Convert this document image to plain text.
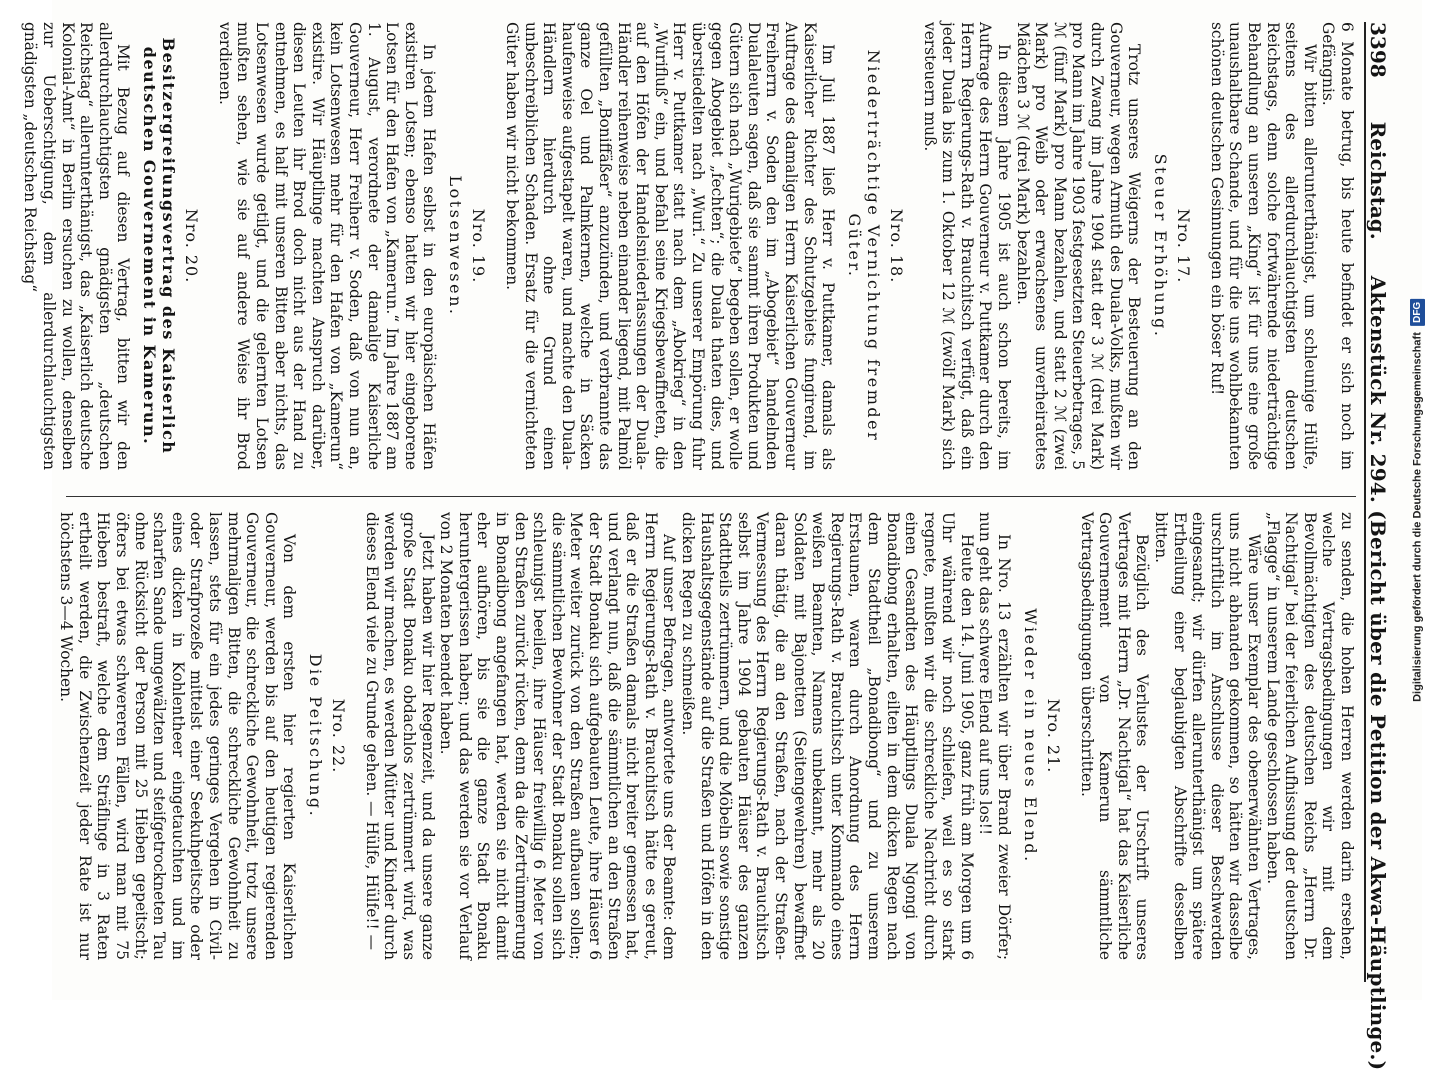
3398
Reichstag.
Aktenstück Nr. 294. (Bericht über die Petition der Akwa-Häuptlinge.)

6 Monate betrug, bis heute befindet er sich noch im Gefängnis.

Wir bitten allerunterthänigst, um schleunige Hülfe, seitens des allerdurchlauchtigsten deutschen Reichstags, denn solche fortwährende niederträchtige Behandlung an unseren „King“ ist für uns eine große unaushaltbare Schande, und für die uns wohlbekannten schönen deutschen Gesinnungen ein böser Ruf!

Nro. 17.
Steuer Erhöhung.

Trotz unseres Weigerns der Besteuerung an den Gouverneur, wegen Armuth des Duala-Volks, mußten wir durch Zwang im Jahre 1904 statt der 3 ℳ (drei Mark) pro Mann im Jahre 1903 festgesetzten Steuerbetrages, 5 ℳ (fünf Mark) pro Mann bezahlen, und statt 2 ℳ (zwei Mark) pro Weib oder erwachsenes unverheiratetes Mädchen 3 ℳ (drei Mark) bezahlen.

In diesem Jahre 1905 ist auch schon bereits, im Auftrage des Herrn Gouverneur v. Puttkamer durch den Herrn Regierungs-Rath v. Brauchitsch verfügt, daß ein jeder Duala bis zum 1. Oktober 12 ℳ (zwölf Mark) sich versteuern muß.

Nro. 18.
Niederträchtige Vernichtung fremder Güter.

Im Juli 1887 ließ Herr v. Puttkamer, damals als Kaiserlicher Richter des Schutzgebiets fungirend, im Auftrage des damaligen Herrn Kaiserlichen Gouverneur Freiherrn v. Soden den im „Abogebiet“ handelnden Dualaleuten sagen, daß sie sammt ihren Produkten und Gütern sich nach „Wurigebiete“ begeben sollen, er wolle gegen Abogebiet „fechten“; die Duala thaten dies, und überstiedelten nach „Wuri.“ Zu unserer Empörung fuhr Herr v. Puttkamer statt nach dem „Abokrieg“ in den „Wurifluß“ ein, und befahl seine Kriegsbewaffneten, die auf den Höfen der Handelsniederlassungen der Duala-Händler reihenweise neben einander liegend, mit Palmöl gefüllten „Boniffäßer“ anzuzünden, und verbrannte das ganze Oel und Palmkernen, welche in Säcken haufenweise aufgestapelt waren, und machte den Duala-Händlern hierdurch ohne Grund einen unbeschreiblichen Schaden. Ersatz für die vernichteten Güter haben wir nicht bekommen.

Nro. 19.
Lotsenwesen.

In jedem Hafen selbst in den europäischen Häfen existiren Lotsen; ebenso hatten wir hier eingeborene Lotsen für den Hafen von „Kamerun.“ Im Jahre 1887 am 1. August, verordnete der damalige Kaiserliche Gouverneur, Herr Freiherr v. Soden, daß von nun an, kein Lotsenwesen mehr für den Hafen von „Kamerun“ existire. Wir Häuptlinge machten Anspruch darüber, diesen Leuten ihr Brod doch nicht aus der Hand zu entnehmen, es half mit unseren Bitten aber nichts, das Lotsenwesen wurde getilgt, und die gelernten Lotsen mußten sehen, wie sie auf andere Weise ihr Brod verdienen.

Nro. 20.
Besitzergreifungsvertrag des Kaiserlich deutschen Gouvernement in Kamerun.

Mit Bezug auf diesen Vertrag, bitten wir den allerdurchlauchtigsten gnädigsten „deutschen Reichstag“ allerunterthänigst, das „Kaiserlich deutsche Kolonial-Amt“ in Berlin ersuchen zu wollen, denselben zur Ueberschtigung, dem allerdurchlauchtigsten gnädigsten „deutschen Reichstag“

zu senden, die hohen Herren werden darin ersehen, welche Vertragsbedingungen wir mit dem Bevollmächtigten des deutschen Reichs „Herrn Dr. Nachtigal“ bei der feierlichen Aufhissung der deutschen „Flagge“ in unserem Lande geschlossen haben.

Wäre unser Exemplar des obenerwähnten Vertrages, uns nicht abhanden gekommen, so hätten wir dasselbe urschriftlich im Anschlusse dieser Beschwerden eingesandt; wir dürfen allerunterthänigst um spätere Ertheilung einer beglaubigten Abschrifte desselben bitten.

Bezüglich des Verlustes der Urschrift unseres Vertrages mit Herrn „Dr. Nachtigal“ hat das Kaiserliche Gouvernement von Kamerun sämmtliche Vertragsbedingungen überschritten.

Nro. 21.
Wieder ein neues Elend.

In Nro. 13 erzählten wir über Brand zweier Dörfer; nun geht das schwere Elend auf uns los!!

Heute den 14. Juni 1905, ganz früh am Morgen um 6 Uhr während wir noch schliefen, weil es so stark regnete, mußten wir die schreckliche Nachricht durch einen Gesandten des Häuptlings Duala Ngongi von Bonadibong erhalten, eilten in dem dicken Regen nach dem Stadttheil „Bonadibong“ und zu unserem Erstaunen, waren durch Anordnung des Herrn Regierungs-Rath v. Brauchitsch unter Kommando eines weißen Beamten, Namens unbekannt, mehr als 20 Soldaten mit Bajonetten (Seitengewehren) bewaffnet daran thätig, die an den Straßen, nach der Straßen-Vermessung des Herrn Regierungs-Rath v. Brauchitsch selbst im Jahre 1904 gebauten Häuser des ganzen Stadttheils zertrümmern, und die Möbeln sowie sonstige Haushaltsgegenstände auf die Straßen und Höfen in den dicken Regen zu schmeißen.

Auf unser Befragen, antwortete uns der Beamte: dem Herrn Regierungs-Rath v. Brauchitsch hätte es gereut, daß er die Straßen damals nicht breiter gemessen hat, und verlangt nun, daß die sämmtlichen an den Straßen der Stadt Bonaku sich aufgebauten Leute, ihre Häuser 6 Meter weiter zurück von den Straßen aufbauen sollen; die sämmtlichen Bewohner der Stadt Bonaku sollen sich schleunigst beeilen, ihre Häuser freiwillig 6 Meter von den Straßen zurück rücken, denn da die Zertrümmerung in Bonadibong angefangen hat, werden sie nicht damit eher aufhören, bis sie die ganze Stadt Bonaku heruntergerissen haben; und das werden sie vor Verlauf von 2 Monaten beendet haben.

Jetzt haben wir hier Regenzeit, und da unsere ganze große Stadt Bonaku obdachlos zertrümmert wird, was werden wir machen, es werden Mütter und Kinder durch dieses Elend viele zu Grunde gehen. — Hülfe, Hülfe!! —

Nro. 22.
Die Peitschung.

Von dem ersten hier regierten Kaiserlichen Gouverneur, werden bis auf den heutigen regierenden Gouverneur, die schreckliche Gewohnheit, trotz unsere mehrmaligen Bitten, die schreckliche Gewohnheit zu lassen, stets für ein jedes geringes Vergehen in Civil- oder Strafprozeße mittelst einer Seekuhpeitsche oder eines dicken in Kohlentheer eingetauchten und im scharfen Sande umgewälzten und steifgetrockneten Tau ohne Rücksicht der Person mit 25 Hieben gepeitscht; öfters bei etwas schwereren Fällen, wird man mit 75 Hieben bestraft, welche dem Sträflinge in 3 Raten ertheilt werden, die Zwischenzeit jeder Rate ist nur höchstens 3—4 Wochen.	Digitalisierung gefördert durch die Deutsche Forschungsgemeinschaft
DFG
